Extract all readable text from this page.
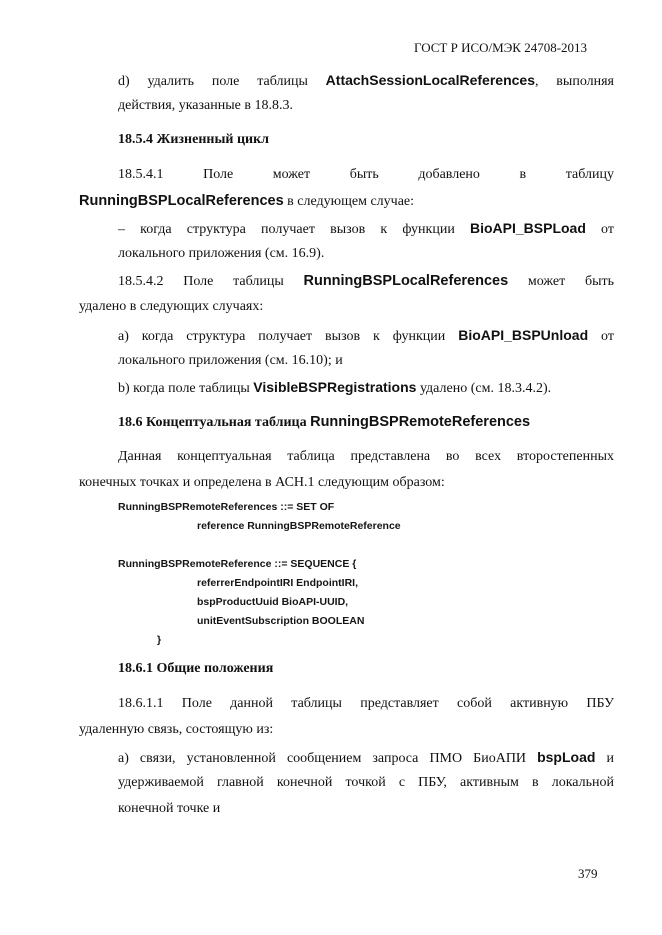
ГОСТ Р ИСО/МЭК 24708-2013
d) удалить поле таблицы AttachSessionLocalReferences, выполняя
действия, указанные в 18.8.3.
18.5.4 Жизненный цикл
18.5.4.1	Поле	может	быть	добавлено	в	таблицу
RunningBSPLocalReferences в следующем случае:
– когда структура получает вызов к функции BioAPI_BSPLoad от
локального приложения (см. 16.9).
18.5.4.2 Поле таблицы RunningBSPLocalReferences может быть
удалено в следующих случаях:
а) когда структура получает вызов к функции BioAPI_BSPUnload от
локального приложения (см. 16.10); и
b) когда поле таблицы VisibleBSPRegistrations удалено (см. 18.3.4.2).
18.6 Концептуальная таблица RunningBSPRemoteReferences
Данная концептуальная таблица представлена во всех второстепенных
конечных точках и определена в АСН.1 следующим образом:
RunningBSPRemoteReferences ::= SET OF
reference RunningBSPRemoteReference
RunningBSPRemoteReference ::= SEQUENCE {
referrerEndpointIRI EndpointIRI,
bspProductUuid BioAPI-UUID,
unitEventSubscription BOOLEAN
}
18.6.1 Общие положения
18.6.1.1 Поле данной таблицы представляет собой активную ПБУ
удаленную связь, состоящую из:
а) связи, установленной сообщением запроса ПМО БиоАПИ bspLoad и
удерживаемой главной конечной точкой с ПБУ, активным в локальной
конечной точке и
379
